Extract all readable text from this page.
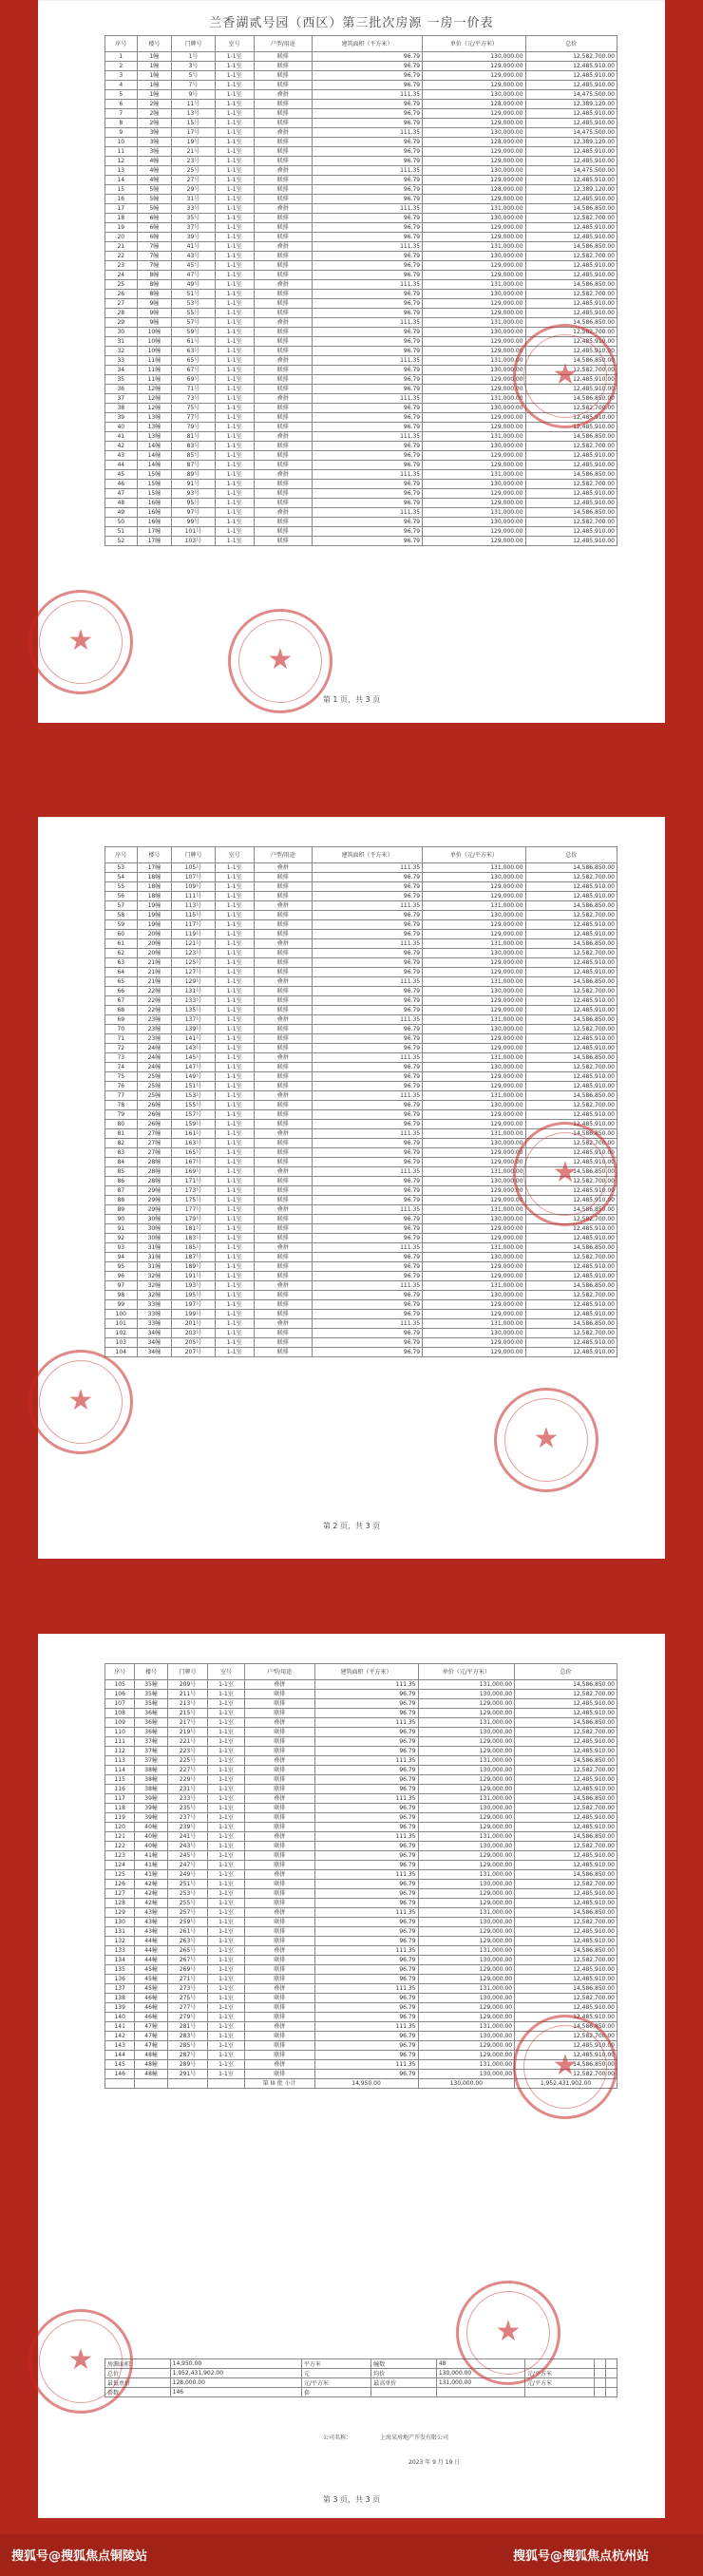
兰香湖贰号园（西区）第三批次房源 一房一价表
序号	楼号	门牌号	室号	户型/用途	建筑面积（平方米）	单价（元/平方米）	总价
1	1幢	1号	1-1室	联排	96.79	130,000.00	12,582,700.00
2	1幢	3号	1-1室	联排	96.79	129,000.00	12,485,910.00
3	1幢	5号	1-1室	联排	96.79	129,000.00	12,485,910.00
4	1幢	7号	1-1室	联排	96.79	129,000.00	12,485,910.00
5	1幢	9号	1-1室	叠拼	111.35	130,000.00	14,475,500.00
6	2幢	11号	1-1室	联排	96.79	128,000.00	12,389,120.00
7	2幢	13号	1-1室	联排	96.79	129,000.00	12,485,910.00
8	2幢	15号	1-1室	联排	96.79	129,000.00	12,485,910.00
9	3幢	17号	1-1室	叠拼	111.35	130,000.00	14,475,500.00
10	3幢	19号	1-1室	联排	96.79	128,000.00	12,389,120.00
11	3幢	21号	1-1室	联排	96.79	129,000.00	12,485,910.00
12	4幢	23号	1-1室	联排	96.79	129,000.00	12,485,910.00
13	4幢	25号	1-1室	叠拼	111.35	130,000.00	14,475,500.00
14	4幢	27号	1-1室	联排	96.79	129,000.00	12,485,910.00
15	5幢	29号	1-1室	联排	96.79	128,000.00	12,389,120.00
16	5幢	31号	1-1室	联排	96.79	129,000.00	12,485,910.00
17	5幢	33号	1-1室	叠拼	111.35	131,000.00	14,586,850.00
18	6幢	35号	1-1室	联排	96.79	130,000.00	12,582,700.00
19	6幢	37号	1-1室	联排	96.79	129,000.00	12,485,910.00
20	6幢	39号	1-1室	联排	96.79	129,000.00	12,485,910.00
21	7幢	41号	1-1室	叠拼	111.35	131,000.00	14,586,850.00
22	7幢	43号	1-1室	联排	96.79	130,000.00	12,582,700.00
23	7幢	45号	1-1室	联排	96.79	129,000.00	12,485,910.00
24	8幢	47号	1-1室	联排	96.79	129,000.00	12,485,910.00
25	8幢	49号	1-1室	叠拼	111.35	131,000.00	14,586,850.00
26	8幢	51号	1-1室	联排	96.79	130,000.00	12,582,700.00
27	9幢	53号	1-1室	联排	96.79	129,000.00	12,485,910.00
28	9幢	55号	1-1室	联排	96.79	129,000.00	12,485,910.00
29	9幢	57号	1-1室	叠拼	111.35	131,000.00	14,586,850.00
30	10幢	59号	1-1室	联排	96.79	130,000.00	12,582,700.00
31	10幢	61号	1-1室	联排	96.79	129,000.00	12,485,910.00
32	10幢	63号	1-1室	联排	96.79	129,000.00	12,485,910.00
33	11幢	65号	1-1室	叠拼	111.35	131,000.00	14,586,850.00
34	11幢	67号	1-1室	联排	96.79	130,000.00	12,582,700.00
35	11幢	69号	1-1室	联排	96.79	129,000.00	12,485,910.00
36	12幢	71号	1-1室	联排	96.79	129,000.00	12,485,910.00
37	12幢	73号	1-1室	叠拼	111.35	131,000.00	14,586,850.00
38	12幢	75号	1-1室	联排	96.79	130,000.00	12,582,700.00
39	13幢	77号	1-1室	联排	96.79	129,000.00	12,485,910.00
40	13幢	79号	1-1室	联排	96.79	129,000.00	12,485,910.00
41	13幢	81号	1-1室	叠拼	111.35	131,000.00	14,586,850.00
42	14幢	83号	1-1室	联排	96.79	130,000.00	12,582,700.00
43	14幢	85号	1-1室	联排	96.79	129,000.00	12,485,910.00
44	14幢	87号	1-1室	联排	96.79	129,000.00	12,485,910.00
45	15幢	89号	1-1室	叠拼	111.35	131,000.00	14,586,850.00
46	15幢	91号	1-1室	联排	96.79	130,000.00	12,582,700.00
47	15幢	93号	1-1室	联排	96.79	129,000.00	12,485,910.00
48	16幢	95号	1-1室	联排	96.79	129,000.00	12,485,910.00
49	16幢	97号	1-1室	叠拼	111.35	131,000.00	14,586,850.00
50	16幢	99号	1-1室	联排	96.79	130,000.00	12,582,700.00
51	17幢	101号	1-1室	联排	96.79	129,000.00	12,485,910.00
52	17幢	103号	1-1室	联排	96.79	129,000.00	12,485,910.00
第 1 页，共 3 页
★
★
★
序号	楼号	门牌号	室号	户型/用途	建筑面积（平方米）	单价（元/平方米）	总价
53	17幢	105号	1-1室	叠拼	111.35	131,000.00	14,586,850.00
54	18幢	107号	1-1室	联排	96.79	130,000.00	12,582,700.00
55	18幢	109号	1-1室	联排	96.79	129,000.00	12,485,910.00
56	18幢	111号	1-1室	联排	96.79	129,000.00	12,485,910.00
57	19幢	113号	1-1室	叠拼	111.35	131,000.00	14,586,850.00
58	19幢	115号	1-1室	联排	96.79	130,000.00	12,582,700.00
59	19幢	117号	1-1室	联排	96.79	129,000.00	12,485,910.00
60	20幢	119号	1-1室	联排	96.79	129,000.00	12,485,910.00
61	20幢	121号	1-1室	叠拼	111.35	131,000.00	14,586,850.00
62	20幢	123号	1-1室	联排	96.79	130,000.00	12,582,700.00
63	21幢	125号	1-1室	联排	96.79	129,000.00	12,485,910.00
64	21幢	127号	1-1室	联排	96.79	129,000.00	12,485,910.00
65	21幢	129号	1-1室	叠拼	111.35	131,000.00	14,586,850.00
66	22幢	131号	1-1室	联排	96.79	130,000.00	12,582,700.00
67	22幢	133号	1-1室	联排	96.79	129,000.00	12,485,910.00
68	22幢	135号	1-1室	联排	96.79	129,000.00	12,485,910.00
69	23幢	137号	1-1室	叠拼	111.35	131,000.00	14,586,850.00
70	23幢	139号	1-1室	联排	96.79	130,000.00	12,582,700.00
71	23幢	141号	1-1室	联排	96.79	129,000.00	12,485,910.00
72	24幢	143号	1-1室	联排	96.79	129,000.00	12,485,910.00
73	24幢	145号	1-1室	叠拼	111.35	131,000.00	14,586,850.00
74	24幢	147号	1-1室	联排	96.79	130,000.00	12,582,700.00
75	25幢	149号	1-1室	联排	96.79	129,000.00	12,485,910.00
76	25幢	151号	1-1室	联排	96.79	129,000.00	12,485,910.00
77	25幢	153号	1-1室	叠拼	111.35	131,000.00	14,586,850.00
78	26幢	155号	1-1室	联排	96.79	130,000.00	12,582,700.00
79	26幢	157号	1-1室	联排	96.79	129,000.00	12,485,910.00
80	26幢	159号	1-1室	联排	96.79	129,000.00	12,485,910.00
81	27幢	161号	1-1室	叠拼	111.35	131,000.00	14,586,850.00
82	27幢	163号	1-1室	联排	96.79	130,000.00	12,582,700.00
83	27幢	165号	1-1室	联排	96.79	129,000.00	12,485,910.00
84	28幢	167号	1-1室	联排	96.79	129,000.00	12,485,910.00
85	28幢	169号	1-1室	叠拼	111.35	131,000.00	14,586,850.00
86	28幢	171号	1-1室	联排	96.79	130,000.00	12,582,700.00
87	29幢	173号	1-1室	联排	96.79	129,000.00	12,485,910.00
88	29幢	175号	1-1室	联排	96.79	129,000.00	12,485,910.00
89	29幢	177号	1-1室	叠拼	111.35	131,000.00	14,586,850.00
90	30幢	179号	1-1室	联排	96.79	130,000.00	12,582,700.00
91	30幢	181号	1-1室	联排	96.79	129,000.00	12,485,910.00
92	30幢	183号	1-1室	联排	96.79	129,000.00	12,485,910.00
93	31幢	185号	1-1室	叠拼	111.35	131,000.00	14,586,850.00
94	31幢	187号	1-1室	联排	96.79	130,000.00	12,582,700.00
95	31幢	189号	1-1室	联排	96.79	129,000.00	12,485,910.00
96	32幢	191号	1-1室	联排	96.79	129,000.00	12,485,910.00
97	32幢	193号	1-1室	叠拼	111.35	131,000.00	14,586,850.00
98	32幢	195号	1-1室	联排	96.79	130,000.00	12,582,700.00
99	33幢	197号	1-1室	联排	96.79	129,000.00	12,485,910.00
100	33幢	199号	1-1室	联排	96.79	129,000.00	12,485,910.00
101	33幢	201号	1-1室	叠拼	111.35	131,000.00	14,586,850.00
102	34幢	203号	1-1室	联排	96.79	130,000.00	12,582,700.00
103	34幢	205号	1-1室	联排	96.79	129,000.00	12,485,910.00
104	34幢	207号	1-1室	联排	96.79	129,000.00	12,485,910.00
第 2 页，共 3 页
★
★
★
序号	楼号	门牌号	室号	户型/用途	建筑面积（平方米）	单价（元/平方米）	总价
105	35幢	209号	1-1室	叠拼	111.35	131,000.00	14,586,850.00
106	35幢	211号	1-1室	联排	96.79	130,000.00	12,582,700.00
107	35幢	213号	1-1室	联排	96.79	129,000.00	12,485,910.00
108	36幢	215号	1-1室	联排	96.79	129,000.00	12,485,910.00
109	36幢	217号	1-1室	叠拼	111.35	131,000.00	14,586,850.00
110	36幢	219号	1-1室	联排	96.79	130,000.00	12,582,700.00
111	37幢	221号	1-1室	联排	96.79	129,000.00	12,485,910.00
112	37幢	223号	1-1室	联排	96.79	129,000.00	12,485,910.00
113	37幢	225号	1-1室	叠拼	111.35	131,000.00	14,586,850.00
114	38幢	227号	1-1室	联排	96.79	130,000.00	12,582,700.00
115	38幢	229号	1-1室	联排	96.79	129,000.00	12,485,910.00
116	38幢	231号	1-1室	联排	96.79	129,000.00	12,485,910.00
117	39幢	233号	1-1室	叠拼	111.35	131,000.00	14,586,850.00
118	39幢	235号	1-1室	联排	96.79	130,000.00	12,582,700.00
119	39幢	237号	1-1室	联排	96.79	129,000.00	12,485,910.00
120	40幢	239号	1-1室	联排	96.79	129,000.00	12,485,910.00
121	40幢	241号	1-1室	叠拼	111.35	131,000.00	14,586,850.00
122	40幢	243号	1-1室	联排	96.79	130,000.00	12,582,700.00
123	41幢	245号	1-1室	联排	96.79	129,000.00	12,485,910.00
124	41幢	247号	1-1室	联排	96.79	129,000.00	12,485,910.00
125	41幢	249号	1-1室	叠拼	111.35	131,000.00	14,586,850.00
126	42幢	251号	1-1室	联排	96.79	130,000.00	12,582,700.00
127	42幢	253号	1-1室	联排	96.79	129,000.00	12,485,910.00
128	42幢	255号	1-1室	联排	96.79	129,000.00	12,485,910.00
129	43幢	257号	1-1室	叠拼	111.35	131,000.00	14,586,850.00
130	43幢	259号	1-1室	联排	96.79	130,000.00	12,582,700.00
131	43幢	261号	1-1室	联排	96.79	129,000.00	12,485,910.00
132	44幢	263号	1-1室	联排	96.79	129,000.00	12,485,910.00
133	44幢	265号	1-1室	叠拼	111.35	131,000.00	14,586,850.00
134	44幢	267号	1-1室	联排	96.79	130,000.00	12,582,700.00
135	45幢	269号	1-1室	联排	96.79	129,000.00	12,485,910.00
136	45幢	271号	1-1室	联排	96.79	129,000.00	12,485,910.00
137	45幢	273号	1-1室	叠拼	111.35	131,000.00	14,586,850.00
138	46幢	275号	1-1室	联排	96.79	130,000.00	12,582,700.00
139	46幢	277号	1-1室	联排	96.79	129,000.00	12,485,910.00
140	46幢	279号	1-1室	联排	96.79	129,000.00	12,485,910.00
141	47幢	281号	1-1室	叠拼	111.35	131,000.00	14,586,850.00
142	47幢	283号	1-1室	联排	96.79	130,000.00	12,582,700.00
143	47幢	285号	1-1室	联排	96.79	129,000.00	12,485,910.00
144	48幢	287号	1-1室	联排	96.79	129,000.00	12,485,910.00
145	48幢	289号	1-1室	叠拼	111.35	131,000.00	14,586,850.00
146	48幢	291号	1-1室	联排	96.79	130,000.00	12,582,700.00
				第 III 批 小计	14,950.00	130,000.00	1,952,431,902.00
房源面积	14,950.00	平方米	幢数	48			
总价	1,952,431,902.00	元	均价	130,000.00	元/平方米		
最低单价	128,000.00	元/平方米	最高单价	131,000.00	元/平方米		
套数	146	套					
公司名称：	上海某房地产开发有限公司
2023 年 9 月 19 日
第 3 页，共 3 页
★
★
★
搜狐号@搜狐焦点铜陵站	搜狐号@搜狐焦点杭州站
